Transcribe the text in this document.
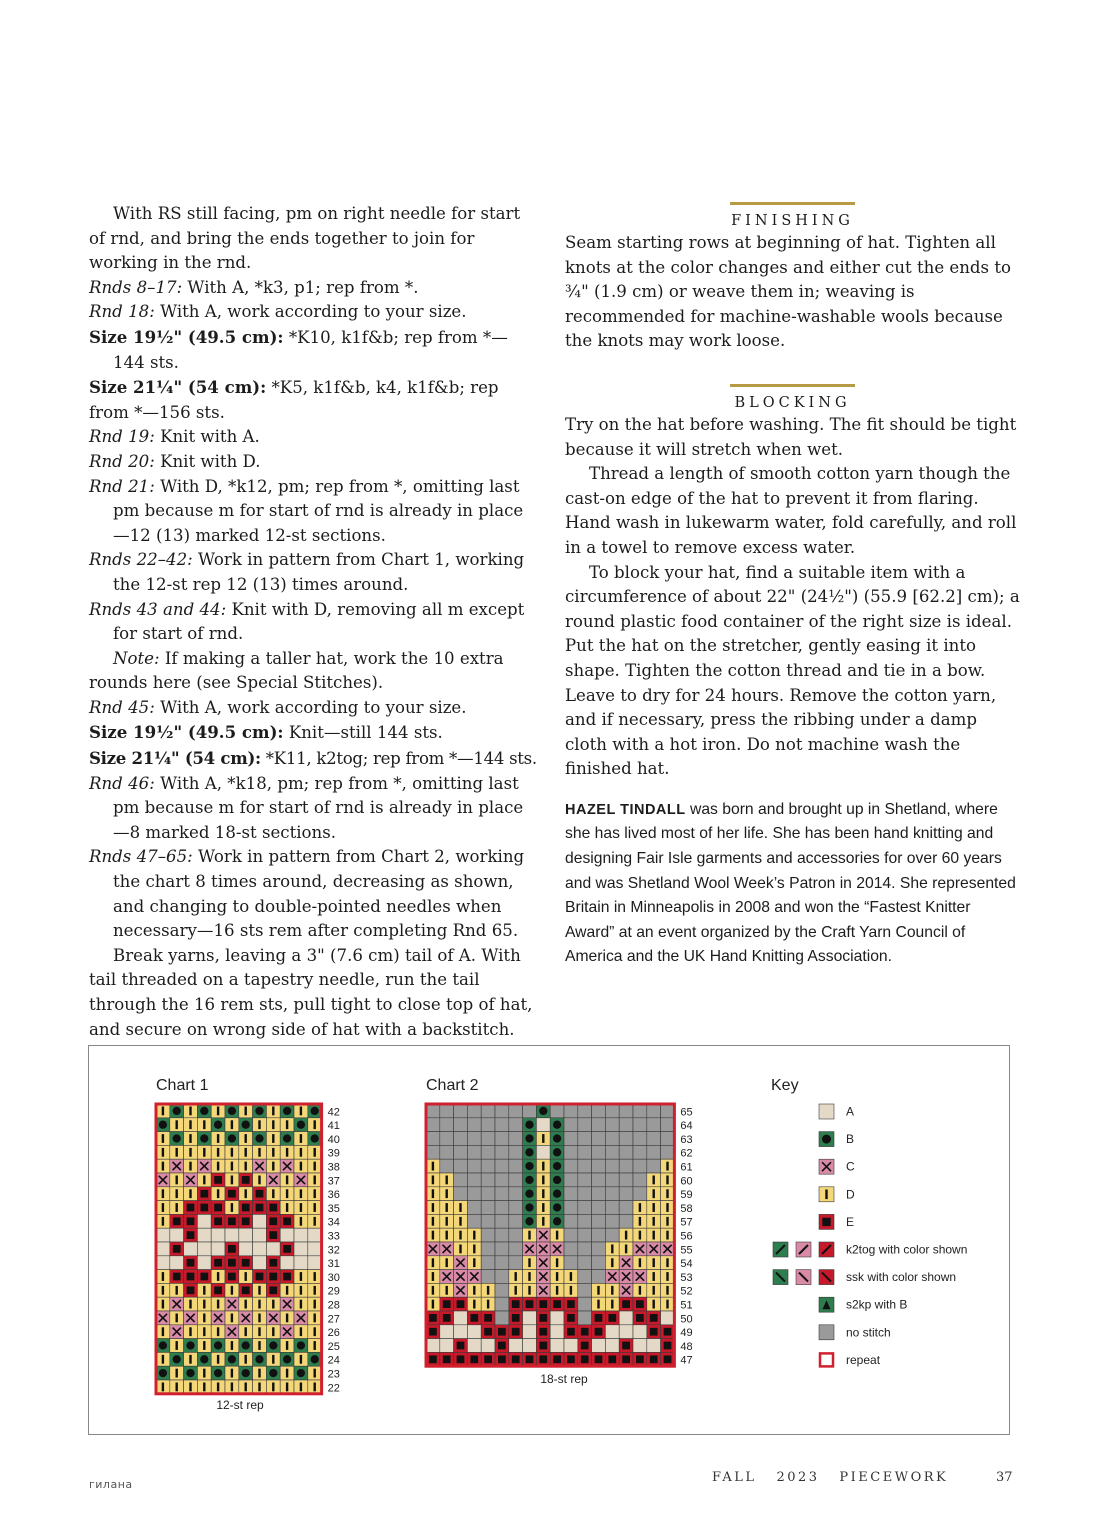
With RS still facing, pm on right needle for start of rnd, and bring the ends together to join for working in the rnd.

Rnds 8–17: With A, *k3, p1; rep from *.

Rnd 18: With A, work according to your size.

Size 19½" (49.5 cm): *K10, k1f&b; rep from *—144 sts.

Size 21¼" (54 cm): *K5, k1f&b, k4, k1f&b; rep from *—156 sts.

Rnd 19: Knit with A.

Rnd 20: Knit with D.

Rnd 21: With D, *k12, pm; rep from *, omitting last pm because m for start of rnd is already in place—12 (13) marked 12-st sections.

Rnds 22–42: Work in pattern from Chart 1, working the 12-st rep 12 (13) times around.

Rnds 43 and 44: Knit with D, removing all m except for start of rnd.

Note: If making a taller hat, work the 10 extra rounds here (see Special Stitches).

Rnd 45: With A, work according to your size.

Size 19½" (49.5 cm): Knit—still 144 sts.

Size 21¼" (54 cm): *K11, k2tog; rep from *—144 sts.

Rnd 46: With A, *k18, pm; rep from *, omitting last pm because m for start of rnd is already in place—8 marked 18-st sections.

Rnds 47–65: Work in pattern from Chart 2, working the chart 8 times around, decreasing as shown, and changing to double-pointed needles when necessary—16 sts rem after completing Rnd 65.

Break yarns, leaving a 3" (7.6 cm) tail of A. With tail threaded on a tapestry needle, run the tail through the 16 rem sts, pull tight to close top of hat, and secure on wrong side of hat with a backstitch.

FINISHING

Seam starting rows at beginning of hat. Tighten all knots at the color changes and either cut the ends to ¾" (1.9 cm) or weave them in; weaving is recommended for machine-washable wools because the knots may work loose.

BLOCKING

Try on the hat before washing. The fit should be tight because it will stretch when wet.

Thread a length of smooth cotton yarn though the cast-on edge of the hat to prevent it from flaring. Hand wash in lukewarm water, fold carefully, and roll in a towel to remove excess water.

To block your hat, find a suitable item with a circumference of about 22" (24½") (55.9 [62.2] cm); a round plastic food container of the right size is ideal. Put the hat on the stretcher, gently easing it into shape. Tighten the cotton thread and tie in a bow. Leave to dry for 24 hours. Remove the cotton yarn, and if necessary, press the ribbing under a damp cloth with a hot iron. Do not machine wash the finished hat.

HAZEL TINDALL was born and brought up in Shetland, where she has lived most of her life. She has been hand knitting and designing Fair Isle garments and accessories for over 60 years and was Shetland Wool Week’s Patron in 2014. She represented Britain in Minneapolis in 2008 and won the “Fastest Knitter Award” at an event organized by the Craft Yarn Council of America and the UK Hand Knitting Association.

Chart 1
42
41
40
39
38
37
36
35
34
33
32
31
30
29
28
27
26
25
24
23
22
12-st rep
Chart 2
65
64
63
62
61
60
59
58
57
56
55
54
53
52
51
50
49
48
47
18-st rep
Key
A
B
C
D
E
k2tog with color shown
ssk with color shown
s2kp with B
no stitch
repeat
гилана	FALL   2023   PIECEWORK	37
